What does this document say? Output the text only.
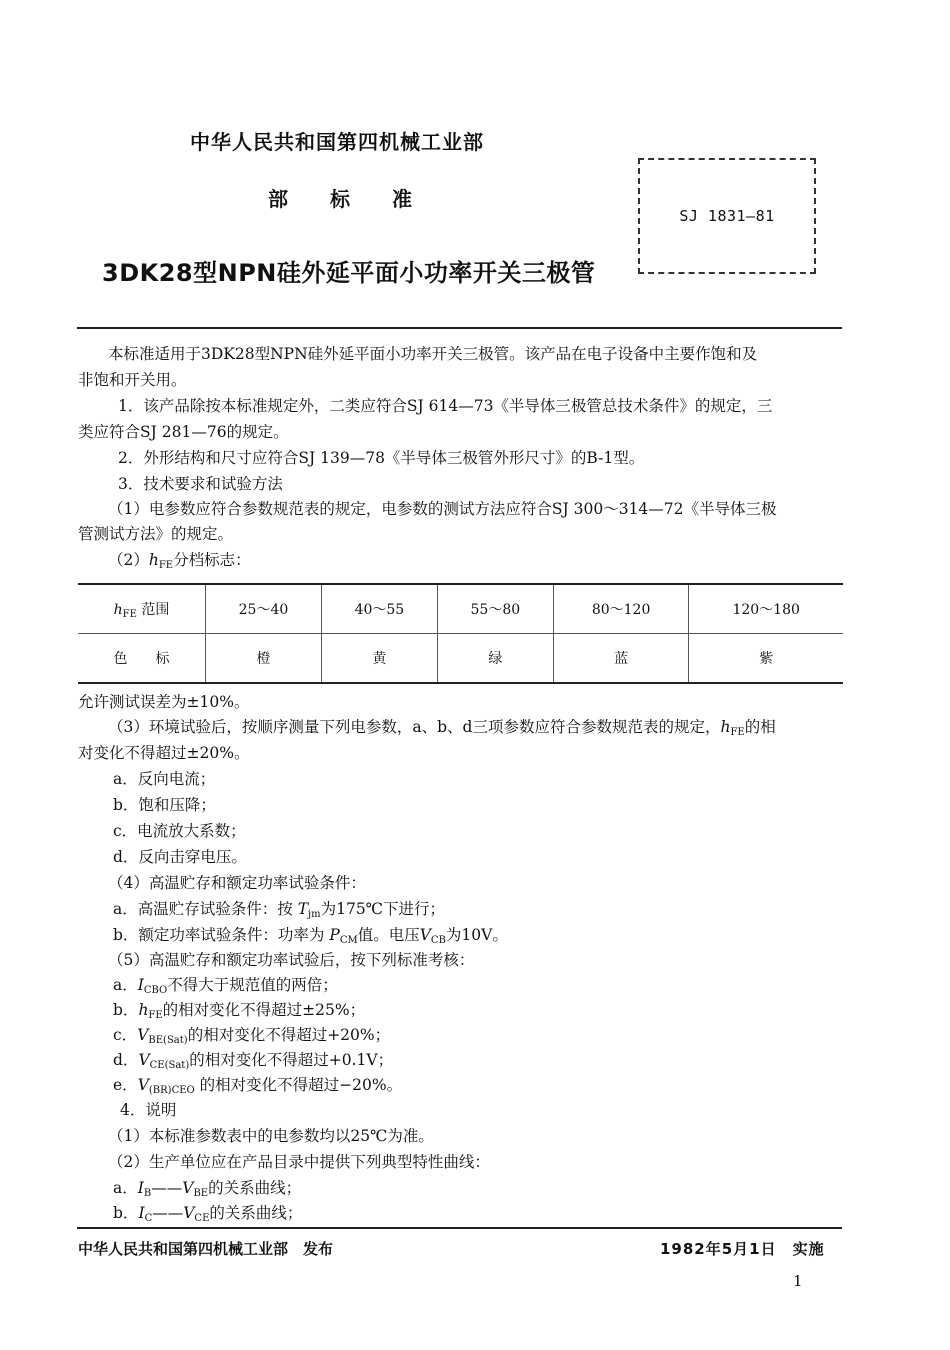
中华人民共和国第四机械工业部
部 标 准
3DK28型NPN硅外延平面小功率开关三极管
SJ 1831—81
本标准适用于3DK28型NPN硅外延平面小功率开关三极管。该产品在电子设备中主要作饱和及
非饱和开关用。
1．该产品除按本标准规定外，二类应符合SJ 614—73《半导体三极管总技术条件》的规定，三
类应符合SJ 281—76的规定。
2．外形结构和尺寸应符合SJ 139—78《半导体三极管外形尺寸》的B-1型。
3．技术要求和试验方法
（1）电参数应符合参数规范表的规定，电参数的测试方法应符合SJ 300～314—72《半导体三极
管测试方法》的规定。
$(2)h_{FE}$分档标志：
$h_{FE}$ 范围	25～40	40～55	55～80	80～120	120～180
色　　标	橙	黄	绿	蓝	紫
允许测试误差为±10%。
（3）环境试验后，按顺序测量下列电参数，a、b、d三项参数应符合参数规范表的规定，$h_{FE}$的相
对变化不得超过±20%。
a．反向电流；
b．饱和压降；
c．电流放大系数；
d．反向击穿电压。
（4）高温贮存和额定功率试验条件：
a．高温贮存试验条件：按 $T_{jm}$为175℃下进行；
b．额定功率试验条件：功率为 $P_{CM}$值。电压$V_{CB}$为10V。
（5）高温贮存和额定功率试验后，按下列标准考核：
a．$I_{CBO}$不得大于规范值的两倍；
b．$h_{FE}$的相对变化不得超过±25%；
c．$V_{BE(Sat)}$的相对变化不得超过+20%；
d．$V_{CE(Sat)}$的相对变化不得超过+0.1V；
e．$V_{(BR)CEO}$ 的相对变化不得超过−20%。
4．说明
（1）本标准参数表中的电参数均以25℃为准。
（2）生产单位应在产品目录中提供下列典型特性曲线：
a．$I_B——V_{BE}$的关系曲线；
b．$I_C——V_{CE}$的关系曲线；
中华人民共和国第四机械工业部　发布	1982年5月1日　实施
1
